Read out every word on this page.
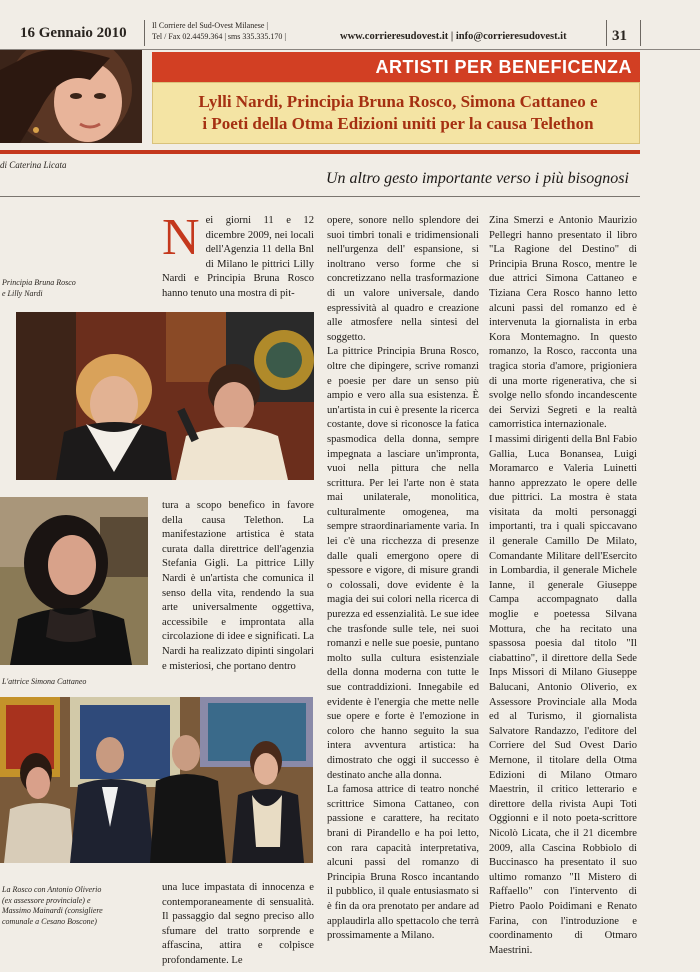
16 Gennaio 2010	Il Corriere del Sud-Ovest Milanese |
Tel / Fax 02.4459.364 | sms 335.335.170 |	www.corrieresudovest.it | info@corrieresudovest.it	31
ARTISTI PER BENEFICENZA
Lylli Nardi, Principia Bruna Rosco, Simona Cattaneo e
i Poeti della Otma Edizioni uniti per la causa Telethon
di Caterina Licata
Un altro gesto importante verso i più bisognosi
Principia Bruna Rosco
e Lilly Nardi
L'attrice Simona Cattaneo
La Rosco con Antonio Oliverio
(ex assessore provinciale) e
Massimo Mainardi (consigliere
comunale a Cesano Boscone)
N ei giorni 11 e 12 dicembre 2009, nei locali dell'Agenzia 11 della Bnl di Milano le pittrici Lilly Nardi e Principia Bruna Rosco hanno tenuto una mostra di pit-

tura a scopo benefico in favore della causa Telethon. La manifestazione artistica è stata curata dalla direttrice dell'agenzia Stefania Gigli. La pittrice Lilly Nardi è un'artista che comunica il senso della vita, rendendo la sua arte universalmente oggettiva, accessibile e improntata alla circolazione di idee e significati. La Nardi ha realizzato dipinti singolari e misteriosi, che portano dentro

una luce impastata di innocenza e contemporaneamente di sensualità. Il passaggio dal segno preciso allo sfumare del tratto sorprende e affascina, attira e colpisce profondamente. Le

opere, sonore nello splendore dei suoi timbri tonali e tridimensionali nell'urgenza dell' espansione, si inoltrano verso forme che si concretizzano nella trasformazione di un valore universale, dando espressività al quadro e creazione alle atmosfere nella sintesi del soggetto.

La pittrice Principia Bruna Rosco, oltre che dipingere, scrive romanzi e poesie per dare un senso più ampio e vero alla sua esistenza. È un'artista in cui è presente la ricerca costante, dove si riconosce la fatica spasmodica della donna, sempre impegnata a lasciare un'impronta, vuoi nella pittura che nella scrittura. Per lei l'arte non è stata mai unilaterale, monolitica, culturalmente omogenea, ma sempre straordinariamente varia. In lei c'è una ricchezza di presenze dalle quali emergono opere di spessore e vigore, di misure grandi o colossali, dove evidente è la magia dei sui colori nella ricerca di purezza ed essenzialità. Le sue idee che trasfonde sulle tele, nei suoi romanzi e nelle sue poesie, puntano molto sulla cultura esistenziale della donna moderna con tutte le sue contraddizioni. Innegabile ed evidente è l'energia che mette nelle sue opere e forte è l'emozione in coloro che hanno seguito la sua intera avventura artistica: ha dimostrato che oggi il successo è destinato anche alla donna.

La famosa attrice di teatro nonché scrittrice Simona Cattaneo, con passione e carattere, ha recitato brani di Pirandello e ha poi letto, con rara capacità interpretativa, alcuni passi del romanzo di Principia Bruna Rosco incantando il pubblico, il quale entusiasmato si è fin da ora prenotato per andare ad applaudirla allo spettacolo che terrà prossimamente a Milano.

Zina Smerzi e Antonio Maurizio Pellegri hanno presentato il libro "La Ragione del Destino" di Principia Bruna Rosco, mentre le due attrici Simona Cattaneo e Tiziana Cera Rosco hanno letto alcuni passi del romanzo ed è intervenuta la giornalista in erba Kora Montemagno. In questo romanzo, la Rosco, racconta una tragica storia d'amore, prigioniera di una morte rigenerativa, che si svolge nello sfondo incandescente dei Servizi Segreti e la realtà camorristica internazionale.

I massimi dirigenti della Bnl Fabio Gallia, Luca Bonansea, Luigi Moramarco e Valeria Luinetti hanno apprezzato le opere delle due pittrici. La mostra è stata visitata da molti personaggi importanti, tra i quali spiccavano il generale Camillo De Milato, Comandante Militare dell'Esercito in Lombardia, il generale Michele Ianne, il generale Giuseppe Campa accompagnato dalla moglie e poetessa Silvana Mottura, che ha recitato una spassosa poesia dal titolo "Il ciabattino", il direttore della Sede Inps Missori di Milano Giuseppe Balucani, Antonio Oliverio, ex Assessore Provinciale alla Moda ed al Turismo, il giornalista Salvatore Randazzo, l'editore del Corriere del Sud Ovest Dario Mernone, il titolare della Otma Edizioni di Milano Otmaro Maestrin, il critico letterario e direttore della rivista Aupi Toti Oggionni e il noto poeta-scrittore Nicolò Licata, che il 21 dicembre 2009, alla Cascina Robbiolo di Buccinasco ha presentato il suo ultimo romanzo "Il Mistero di Raffaello" con l'intervento di Pietro Paolo Poidimani e Renato Farina, con l'introduzione e coordinamento di Otmaro Maestrini.
